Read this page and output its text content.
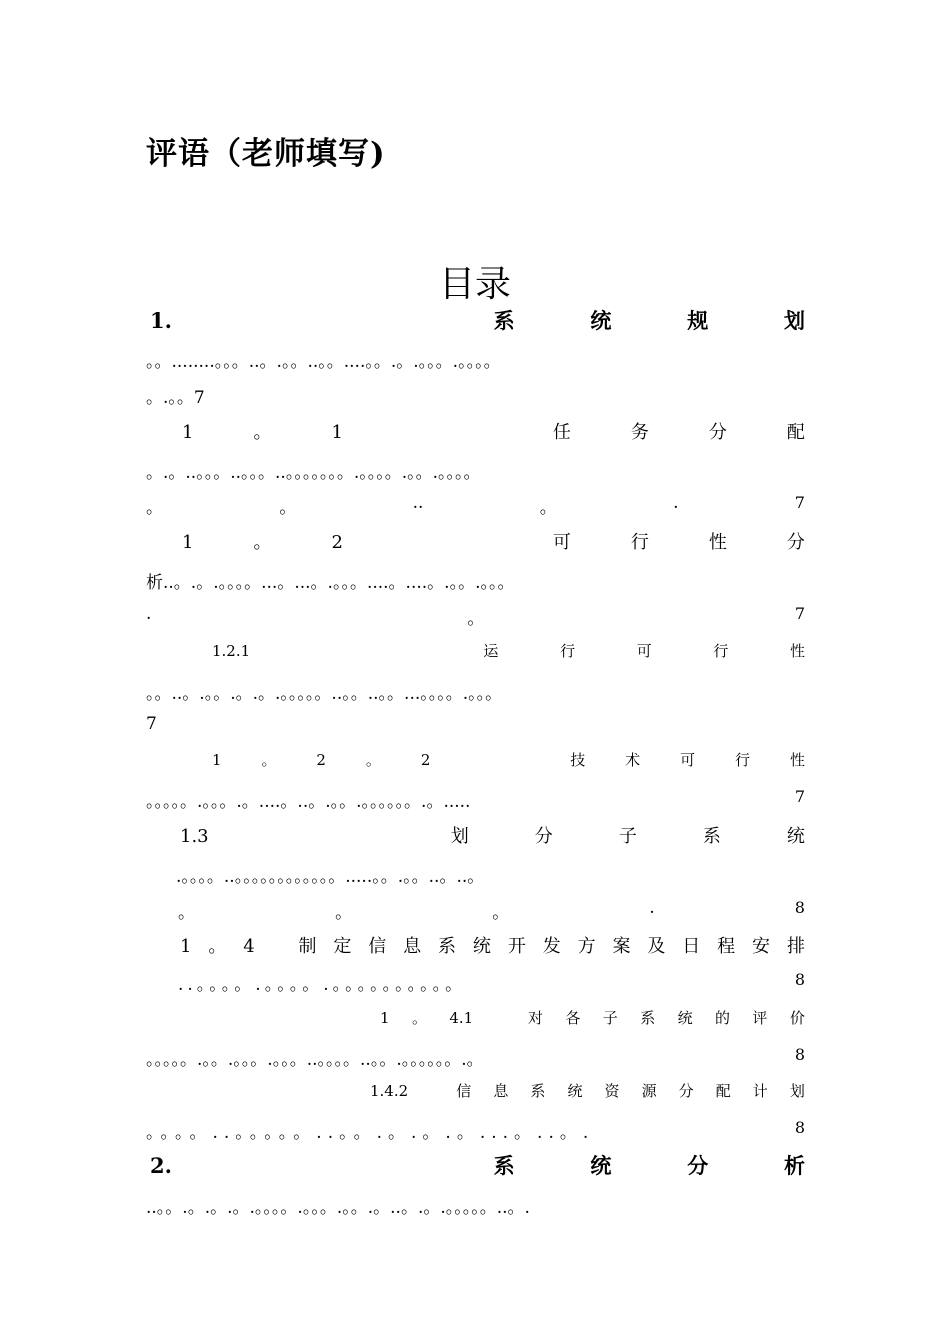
评语（老师填写)
目录
1.	系	统	规	划
。。........。。。..。.。。..。。....。。.。.。。。.。。。。
。.。。7
1	。	1	任	务	分	配
。.。..。。。..。。。..。。。。。。。.。。。。.。。.。。。。
。	。	..	。	.	7
1	。	2	可	行	性	分
析..。.。.。。。。...。...。.。。。....。....。.。。.。。。
.	。	7
1.2.1	运	行	可	行	性
。。..。.。。.。.。.。。。。。..。。..。。...。。。。.。。。
7
1	。	2	。	2	技	术	可	行	性
。。。。。.。。。.。....。..。.。。.。。。。。。.。.....	7
1.3	划	分	子	系	统
.。。。。..。。。。。。。。。。。。.....。。.。。..。..。
。	。	。	.	8
1 。 4 制 定 信 息 系 统 开 发 方 案 及 日 程 安 排
..。。。。.。。。。.。。。。。。。。。。	8
1 。 4.1	对 各 子 系 统 的 评 价
。。。。。.。。.。。。.。。。..。。。。..。。.。。。。。。.。	8
1.4.2	信 息 系 统 资 源 分 配 计 划
。。。。..。。。。。..。。.。.。.。...。..。.	8
2.	系	统	分	析
..。。.。.。.。.。。。。.。。。.。。.。..。.。.。。。。。..。.
